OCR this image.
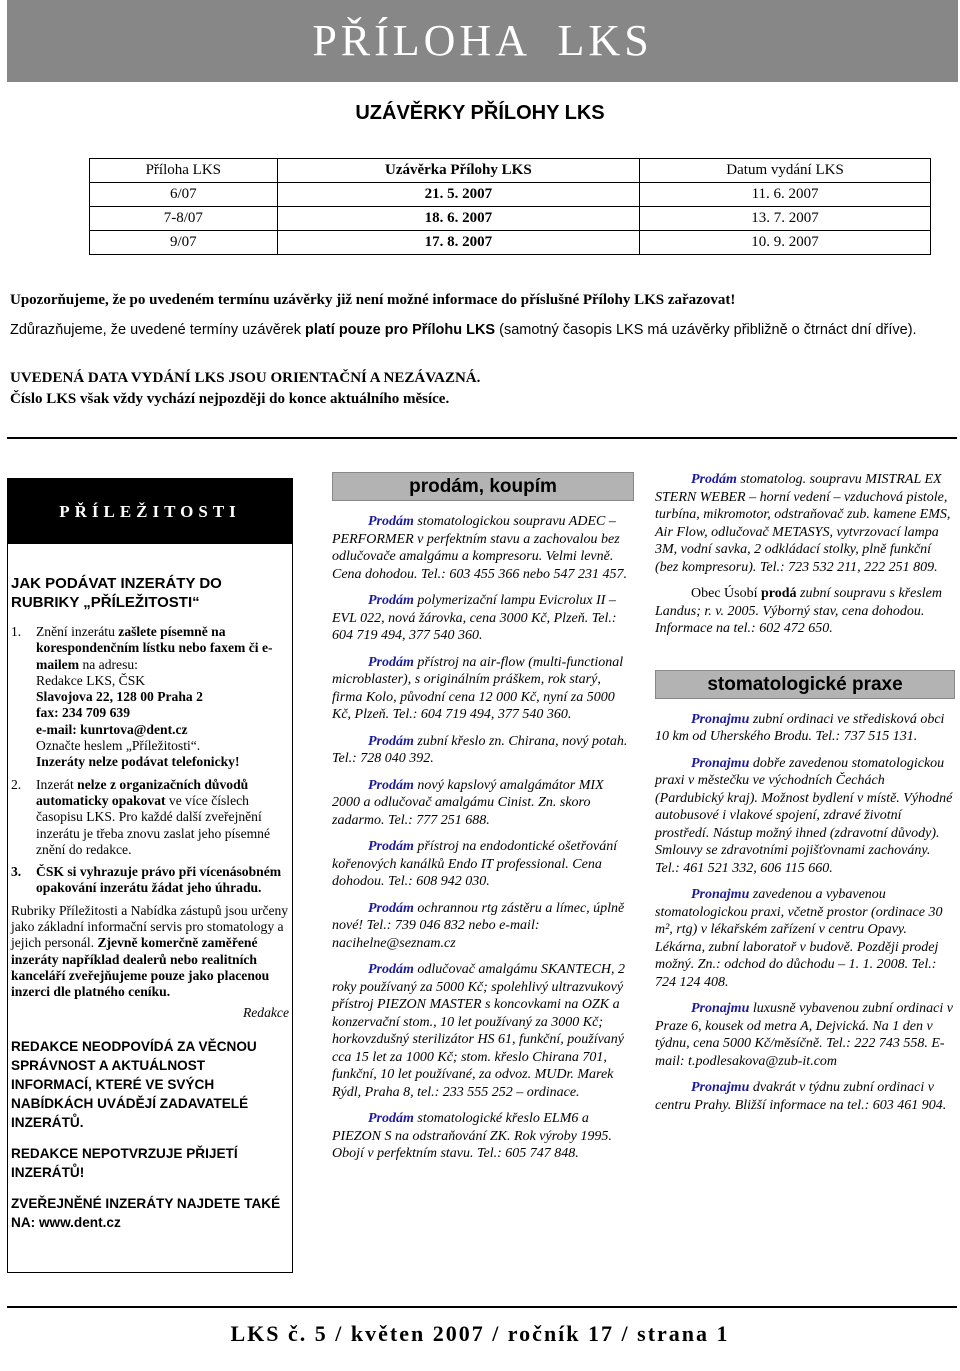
PŘÍLOHA LKS
UZÁVĚRKY PŘÍLOHY LKS
Příloha LKS	Uzávěrka Přílohy LKS	Datum vydání LKS
6/07	21. 5. 2007	11. 6. 2007
7-8/07	18. 6. 2007	13. 7. 2007
9/07	17. 8. 2007	10. 9. 2007
Upozorňujeme, že po uvedeném termínu uzávěrky již není možné informace do příslušné Přílohy LKS zařazovat!
Zdůrazňujeme, že uvedené termíny uzávěrek platí pouze pro Přílohu LKS (samotný časopis LKS má uzávěrky přibližně o čtrnáct dní dříve).
UVEDENÁ DATA VYDÁNÍ LKS JSOU ORIENTAČNÍ A NEZÁVAZNÁ.
Číslo LKS však vždy vychází nejpozději do konce aktuálního měsíce.
PŘÍLEŽITOSTI
JAK PODÁVAT INZERÁTY DO RUBRIKY „PŘÍLEŽITOSTI“
1.	Znění inzerátu zašlete písemně na korespondenčním lístku nebo faxem či e-mailem na adresu:
Redakce LKS, ČSK
Slavojova 22, 128 00 Praha 2
fax: 234 709 639
e-mail: kunrtova@dent.cz
Označte heslem „Příležitosti“.
Inzeráty nelze podávat telefonicky!
2.	Inzerát nelze z organizačních důvodů automaticky opakovat ve více číslech časopisu LKS. Pro každé další zveřejnění inzerátu je třeba znovu zaslat jeho písemné znění do redakce.
3.	ČSK si vyhrazuje právo při vícenásobném opakování inzerátu žádat jeho úhradu.

Rubriky Příležitosti a Nabídka zástupů jsou určeny jako základní informační servis pro stomatology a jejich personál. Zjevně komerčně zaměřené inzeráty například dealerů nebo realitních kanceláří zveřejňujeme pouze jako placenou inzerci dle platného ceníku.

Redakce
REDAKCE NEODPOVÍDÁ ZA VĚCNOU SPRÁVNOST A AKTUÁLNOST INFORMACÍ, KTERÉ VE SVÝCH NABÍDKÁCH UVÁDĚJÍ ZADAVATELÉ INZERÁTŮ.
REDAKCE NEPOTVRZUJE PŘIJETÍ INZERÁTŮ!
ZVEŘEJNĚNÉ INZERÁTY NAJDETE TAKÉ NA: www.dent.cz
prodám, koupím
Prodám stomatologickou soupravu ADEC – PERFORMER v perfektním stavu a zachovalou bez odlučovače amalgámu a kompresoru. Velmi levně. Cena dohodou. Tel.: 603 455 366 nebo 547 231 457.
Prodám polymerizační lampu Evicrolux II – EVL 022, nová žárovka, cena 3000 Kč, Plzeň. Tel.: 604 719 494, 377 540 360.
Prodám přístroj na air-flow (multi-functional microblaster), s originálním práškem, rok starý, firma Kolo, původní cena 12 000 Kč, nyní za 5000 Kč, Plzeň. Tel.: 604 719 494, 377 540 360.
Prodám zubní křeslo zn. Chirana, nový potah. Tel.: 728 040 392.
Prodám nový kapslový amalgámátor MIX 2000 a odlučovač amalgámu Cinist. Zn. skoro zadarmo. Tel.: 777 251 688.
Prodám přístroj na endodontické ošetřování kořenových kanálků Endo IT professional. Cena dohodou. Tel.: 608 942 030.
Prodám ochrannou rtg zástěru a límec, úplně nové! Tel.: 739 046 832 nebo e-mail: nacihelne@seznam.cz
Prodám odlučovač amalgámu SKANTECH, 2 roky používaný za 5000 Kč; spolehlivý ultrazvukový přístroj PIEZON MASTER s koncovkami na OZK a konzervační stom., 10 let používaný za 3000 Kč; horkovzdušný sterilizátor HS 61, funkční, používaný cca 15 let za 1000 Kč; stom. křeslo Chirana 701, funkční, 10 let používané, za odvoz. MUDr. Marek Rýdl, Praha 8, tel.: 233 555 252 – ordinace.
Prodám stomatologické křeslo ELM6 a PIEZON S na odstraňování ZK. Rok výroby 1995. Obojí v perfektním stavu. Tel.: 605 747 848.
Prodám stomatolog. soupravu MISTRAL EX STERN WEBER – horní vedení – vzduchová pistole, turbína, mikromotor, odstraňovač zub. kamene EMS, Air Flow, odlučovač METASYS, vytvrzovací lampa 3M, vodní savka, 2 odkládací stolky, plně funkční (bez kompresoru). Tel.: 723 532 211, 222 251 809.
Obec Úsobí prodá zubní soupravu s křeslem Landus; r. v. 2005. Výborný stav, cena dohodou. Informace na tel.: 602 472 650.
stomatologické praxe
Pronajmu zubní ordinaci ve středisková obci 10 km od Uherského Brodu. Tel.: 737 515 131.
Pronajmu dobře zavedenou stomatologickou praxi v městečku ve východních Čechách (Pardubický kraj). Možnost bydlení v místě. Výhodné autobusové i vlakové spojení, zdravé životní prostředí. Nástup možný ihned (zdravotní důvody). Smlouvy se zdravotními pojišťovnami zachovány. Tel.: 461 521 332, 606 115 660.
Pronajmu zavedenou a vybavenou stomatologickou praxi, včetně prostor (ordinace 30 m², rtg) v lékařském zařízení v centru Opavy. Lékárna, zubní laboratoř v budově. Později prodej možný. Zn.: odchod do důchodu – 1. 1. 2008. Tel.: 724 124 408.
Pronajmu luxusně vybavenou zubní ordinaci v Praze 6, kousek od metra A, Dejvická. Na 1 den v týdnu, cena 5000 Kč/měsíčně. Tel.: 222 743 558. E-mail: t.podlesakova@zub-it.com
Pronajmu dvakrát v týdnu zubní ordinaci v centru Prahy. Bližší informace na tel.: 603 461 904.
LKS č. 5 / květen 2007 / ročník 17 / strana 1
